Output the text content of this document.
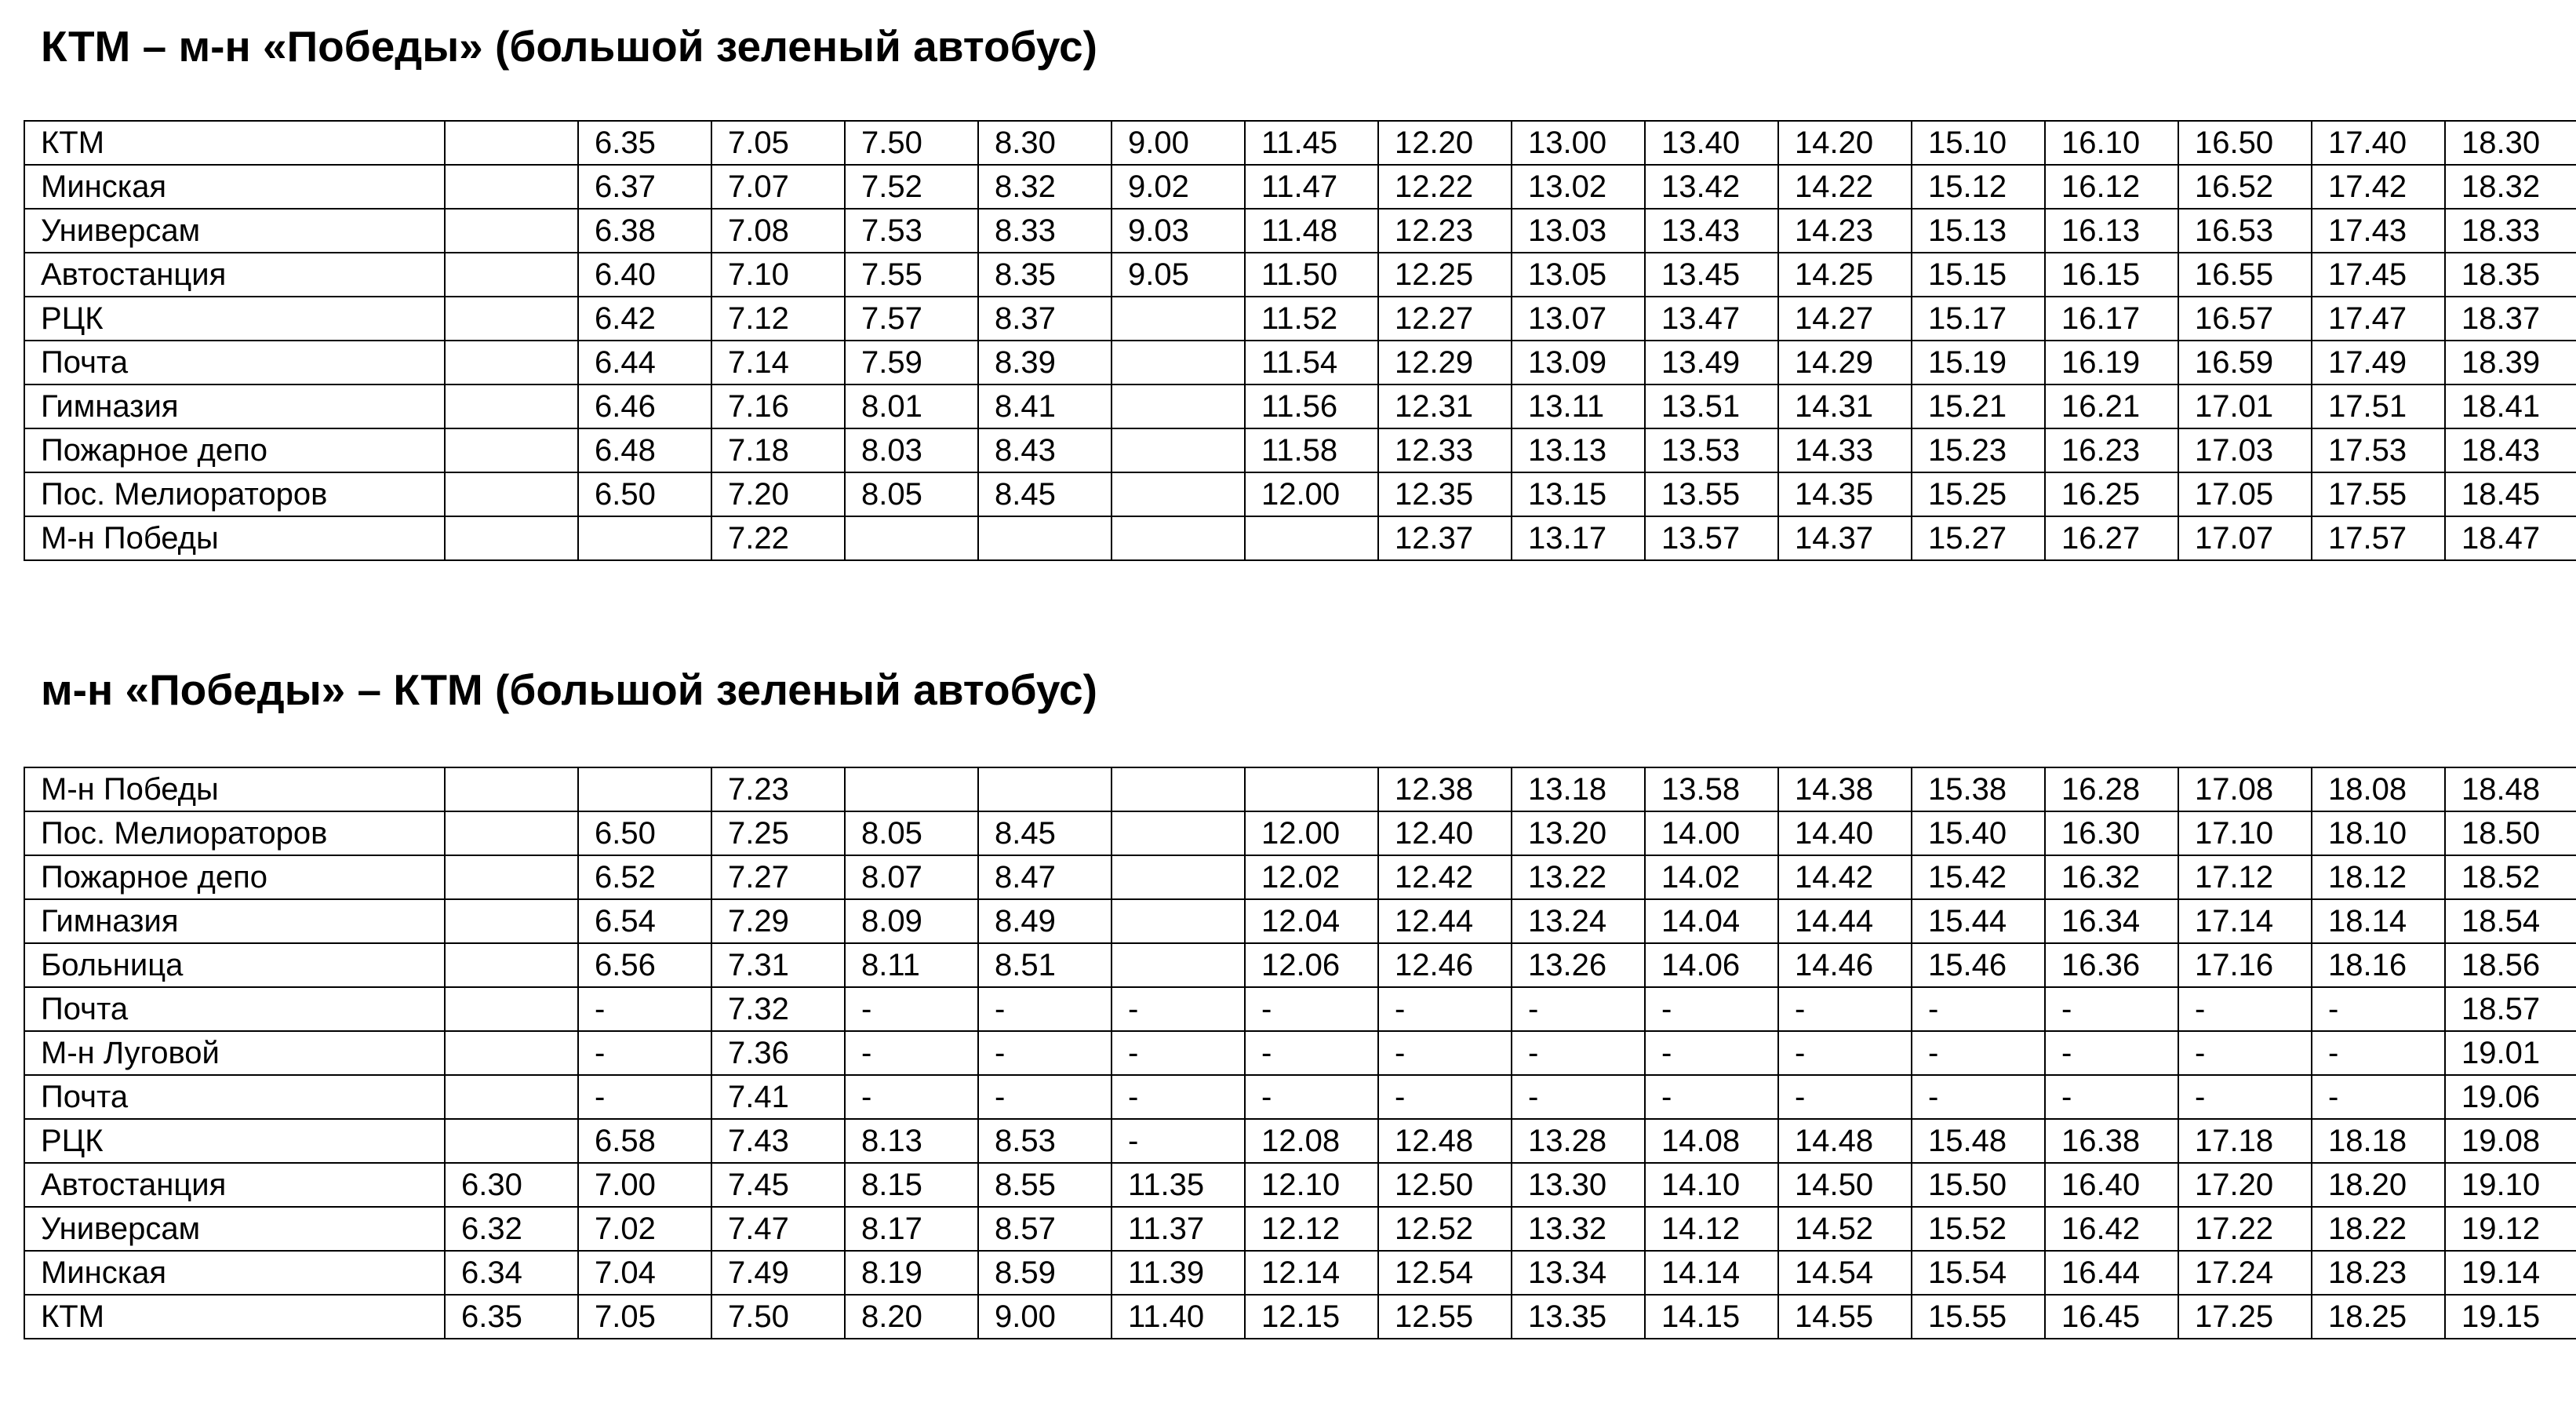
КТМ – м-н «Победы» (большой зеленый автобус)
КТМ		6.35	7.05	7.50	8.30	9.00	11.45	12.20	13.00	13.40	14.20	15.10	16.10	16.50	17.40	18.30
Минская		6.37	7.07	7.52	8.32	9.02	11.47	12.22	13.02	13.42	14.22	15.12	16.12	16.52	17.42	18.32
Универсам		6.38	7.08	7.53	8.33	9.03	11.48	12.23	13.03	13.43	14.23	15.13	16.13	16.53	17.43	18.33
Автостанция		6.40	7.10	7.55	8.35	9.05	11.50	12.25	13.05	13.45	14.25	15.15	16.15	16.55	17.45	18.35
РЦК		6.42	7.12	7.57	8.37		11.52	12.27	13.07	13.47	14.27	15.17	16.17	16.57	17.47	18.37
Почта		6.44	7.14	7.59	8.39		11.54	12.29	13.09	13.49	14.29	15.19	16.19	16.59	17.49	18.39
Гимназия		6.46	7.16	8.01	8.41		11.56	12.31	13.11	13.51	14.31	15.21	16.21	17.01	17.51	18.41
Пожарное депо		6.48	7.18	8.03	8.43		11.58	12.33	13.13	13.53	14.33	15.23	16.23	17.03	17.53	18.43
Пос. Мелиораторов		6.50	7.20	8.05	8.45		12.00	12.35	13.15	13.55	14.35	15.25	16.25	17.05	17.55	18.45
М-н Победы			7.22					12.37	13.17	13.57	14.37	15.27	16.27	17.07	17.57	18.47
м-н «Победы» – КТМ (большой зеленый автобус)
М-н Победы			7.23					12.38	13.18	13.58	14.38	15.38	16.28	17.08	18.08	18.48
Пос. Мелиораторов		6.50	7.25	8.05	8.45		12.00	12.40	13.20	14.00	14.40	15.40	16.30	17.10	18.10	18.50
Пожарное депо		6.52	7.27	8.07	8.47		12.02	12.42	13.22	14.02	14.42	15.42	16.32	17.12	18.12	18.52
Гимназия		6.54	7.29	8.09	8.49		12.04	12.44	13.24	14.04	14.44	15.44	16.34	17.14	18.14	18.54
Больница		6.56	7.31	8.11	8.51		12.06	12.46	13.26	14.06	14.46	15.46	16.36	17.16	18.16	18.56
Почта		-	7.32	-	-	-	-	-	-	-	-	-	-	-	-	18.57
М-н Луговой		-	7.36	-	-	-	-	-	-	-	-	-	-	-	-	19.01
Почта		-	7.41	-	-	-	-	-	-	-	-	-	-	-	-	19.06
РЦК		6.58	7.43	8.13	8.53	-	12.08	12.48	13.28	14.08	14.48	15.48	16.38	17.18	18.18	19.08
Автостанция	6.30	7.00	7.45	8.15	8.55	11.35	12.10	12.50	13.30	14.10	14.50	15.50	16.40	17.20	18.20	19.10
Универсам	6.32	7.02	7.47	8.17	8.57	11.37	12.12	12.52	13.32	14.12	14.52	15.52	16.42	17.22	18.22	19.12
Минская	6.34	7.04	7.49	8.19	8.59	11.39	12.14	12.54	13.34	14.14	14.54	15.54	16.44	17.24	18.23	19.14
КТМ	6.35	7.05	7.50	8.20	9.00	11.40	12.15	12.55	13.35	14.15	14.55	15.55	16.45	17.25	18.25	19.15
